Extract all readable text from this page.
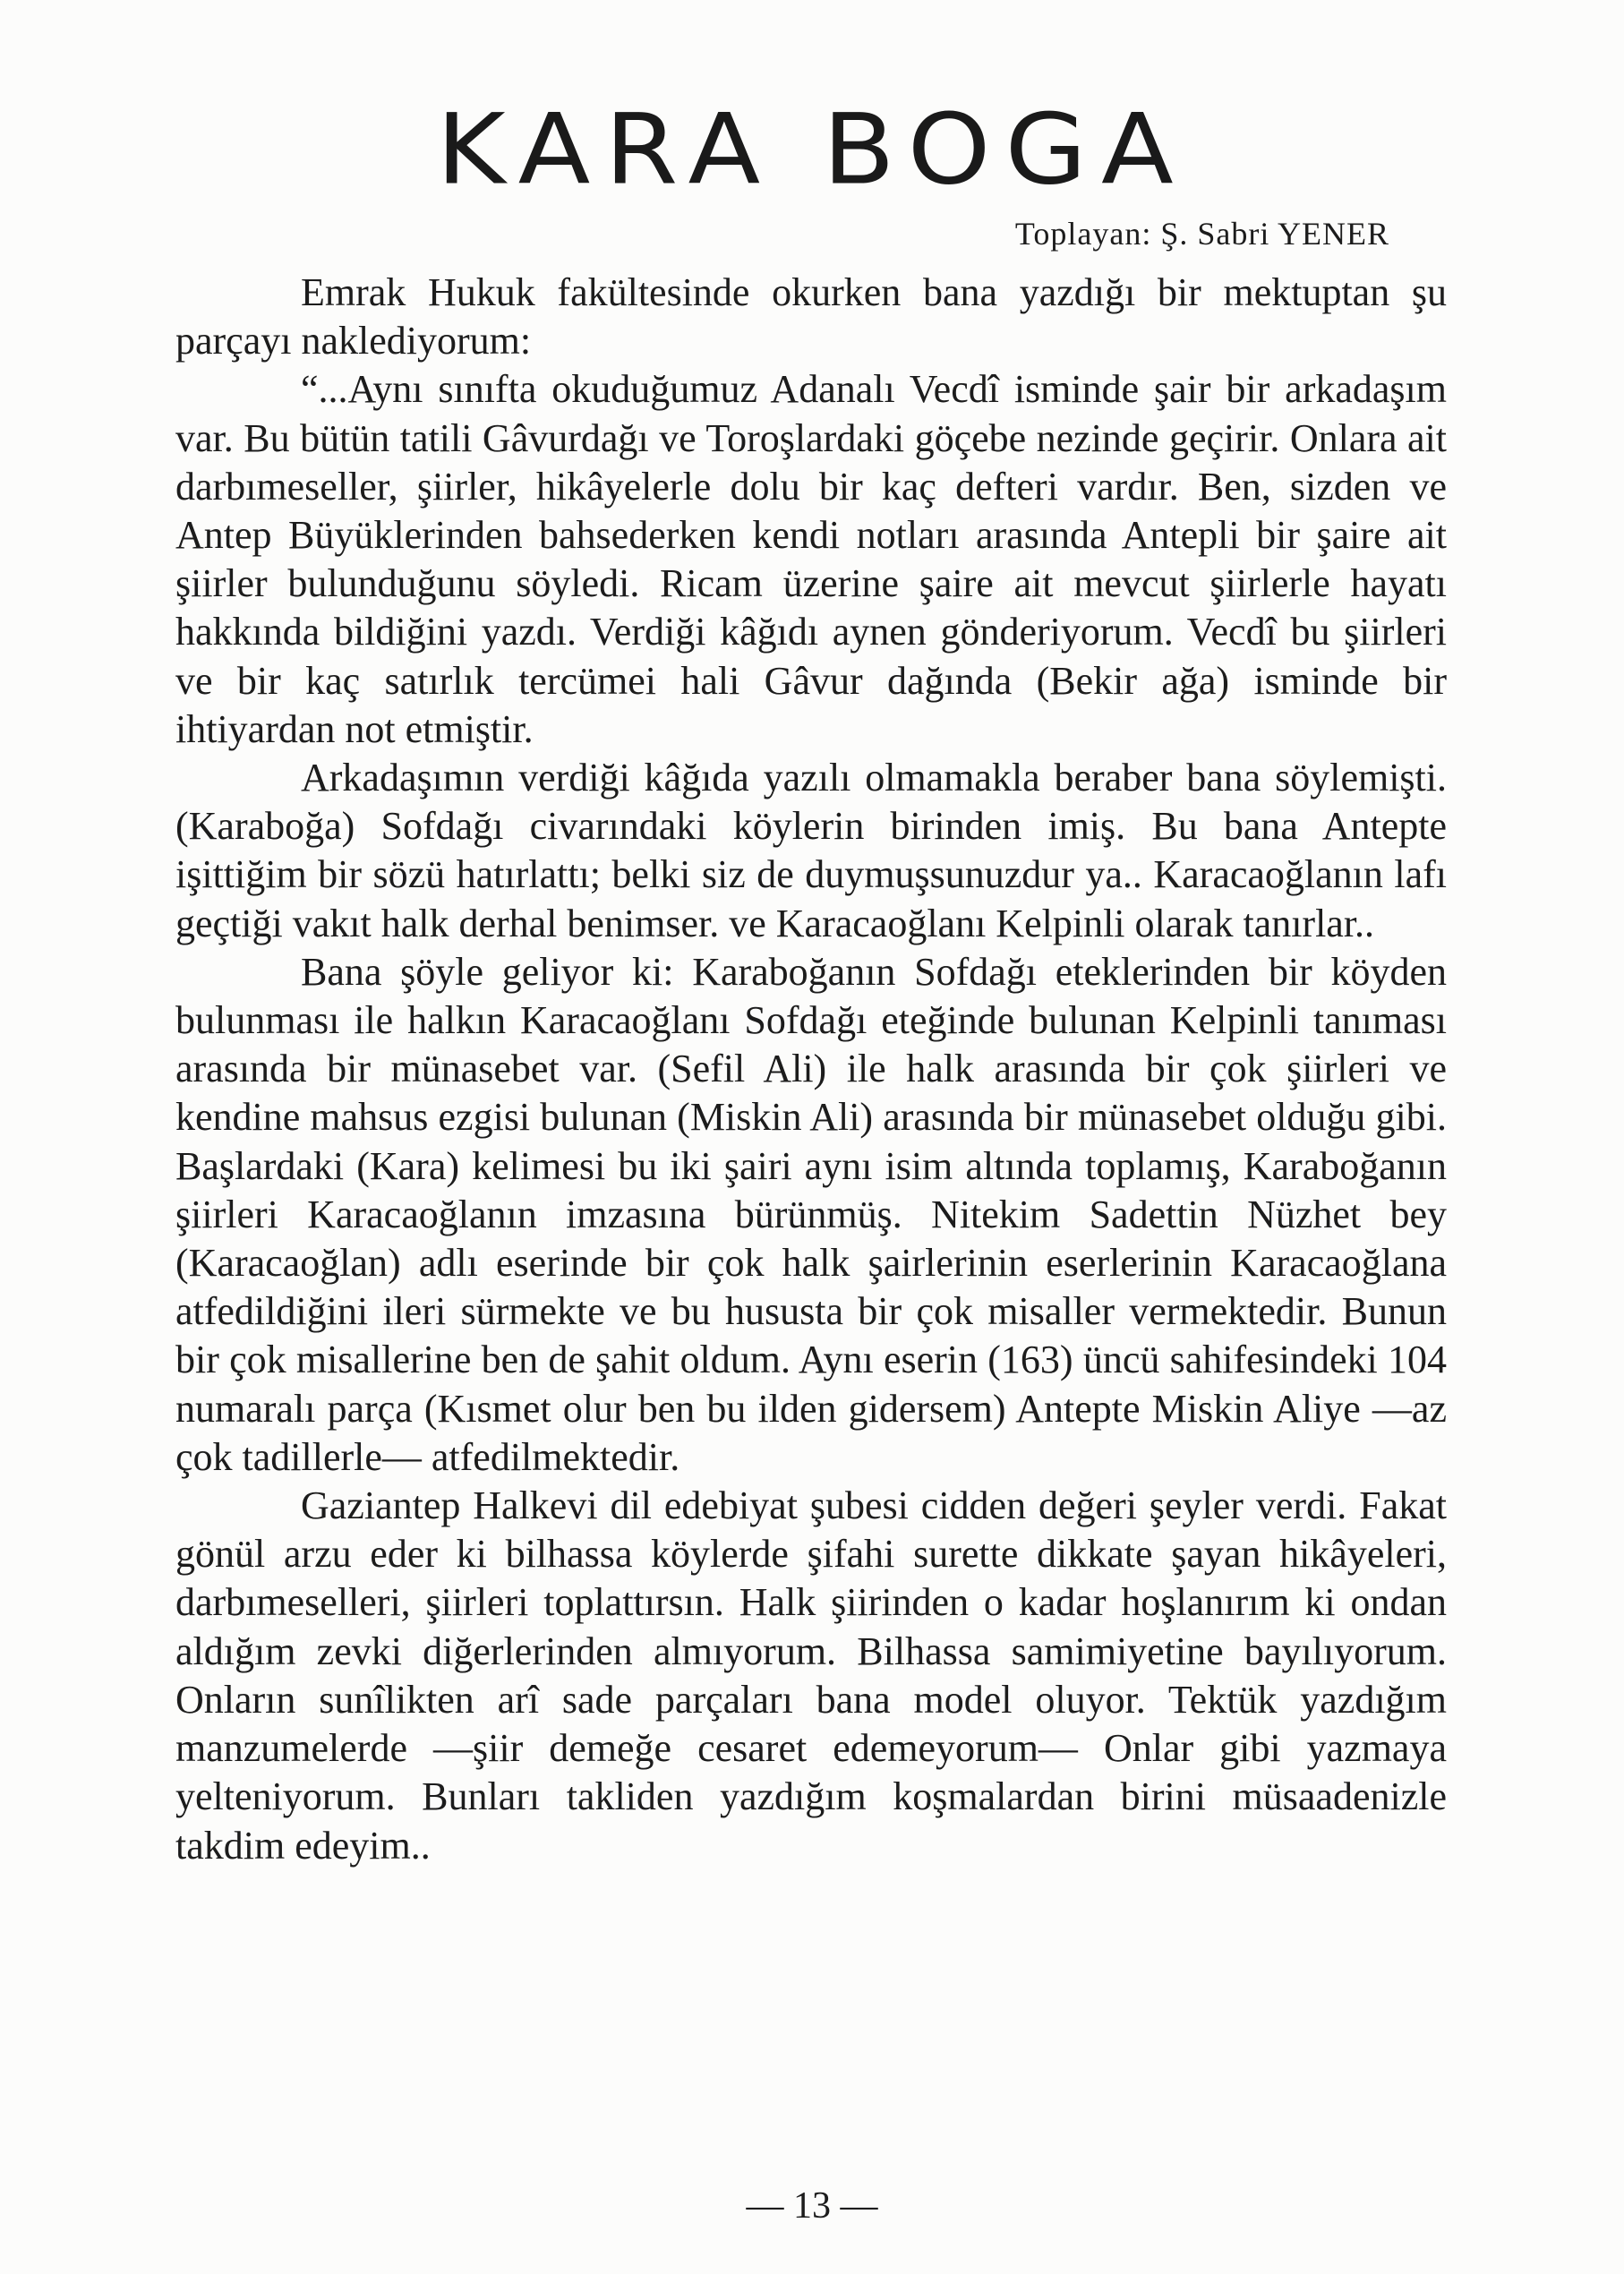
KARA BOGA
Toplayan: Ş. Sabri YENER

Emrak Hukuk fakültesinde okurken bana yazdığı bir mektuptan şu parçayı naklediyorum:

“...Aynı sınıfta okuduğumuz Adanalı Vecdî isminde şair bir arkadaşım var. Bu bütün tatili Gâvurdağı ve Toroşlardaki göçebe nezinde geçirir. Onlara ait darbımeseller, şiirler, hikâyelerle dolu bir kaç defteri vardır. Ben, sizden ve Antep Büyüklerinden bahsederken kendi notları arasında Antepli bir şaire ait şiirler bulunduğunu söyledi. Ricam üzerine şaire ait mevcut şiirlerle hayatı hakkında bildiğini yazdı. Verdiği kâğıdı aynen gönderiyorum. Vecdî bu şiirleri ve bir kaç satırlık tercümei hali Gâvur dağında (Bekir ağa) isminde bir ihtiyardan not etmiştir.

Arkadaşımın verdiği kâğıda yazılı olmamakla beraber bana söylemişti. (Karaboğa) Sofdağı civarındaki köylerin birinden imiş. Bu bana Antepte işittiğim bir sözü hatırlattı; belki siz de duymuşsunuzdur ya.. Karacaoğlanın lafı geçtiği vakıt halk derhal benimser. ve Karacaoğlanı Kelpinli olarak tanırlar..

Bana şöyle geliyor ki: Karaboğanın Sofdağı eteklerinden bir köyden bulunması ile halkın Karacaoğlanı Sofdağı eteğinde bulunan Kelpinli tanıması arasında bir münasebet var. (Sefil Ali) ile halk arasında bir çok şiirleri ve kendine mahsus ezgisi bulunan (Miskin Ali) arasında bir münasebet olduğu gibi. Başlardaki (Kara) kelimesi bu iki şairi aynı isim altında toplamış, Karaboğanın şiirleri Karacaoğlanın imzasına bürünmüş. Nitekim Sadettin Nüzhet bey (Karacaoğlan) adlı eserinde bir çok halk şairlerinin eserlerinin Karacaoğlana atfedildiğini ileri sürmekte ve bu hususta bir çok misaller vermektedir. Bunun bir çok misallerine ben de şahit oldum. Aynı eserin (163) üncü sahifesindeki 104 numaralı parça (Kısmet olur ben bu ilden gidersem) Antepte Miskin Aliye —az çok tadillerle— atfedilmektedir.

Gaziantep Halkevi dil edebiyat şubesi cidden değeri şeyler verdi. Fakat gönül arzu eder ki bilhassa köylerde şifahi surette dikkate şayan hikâyeleri, darbımeselleri, şiirleri toplattırsın. Halk şiirinden o kadar hoşlanırım ki ondan aldığım zevki diğerlerinden almıyorum. Bilhassa samimiyetine bayılıyorum. Onların sunîlikten arî sade parçaları bana model oluyor. Tektük yazdığım manzumelerde —şiir demeğe cesaret edemeyorum— Onlar gibi yazmaya yelteniyorum. Bunları takliden yazdığım koşmalardan birini müsaadenizle takdim edeyim..

— 13 —
